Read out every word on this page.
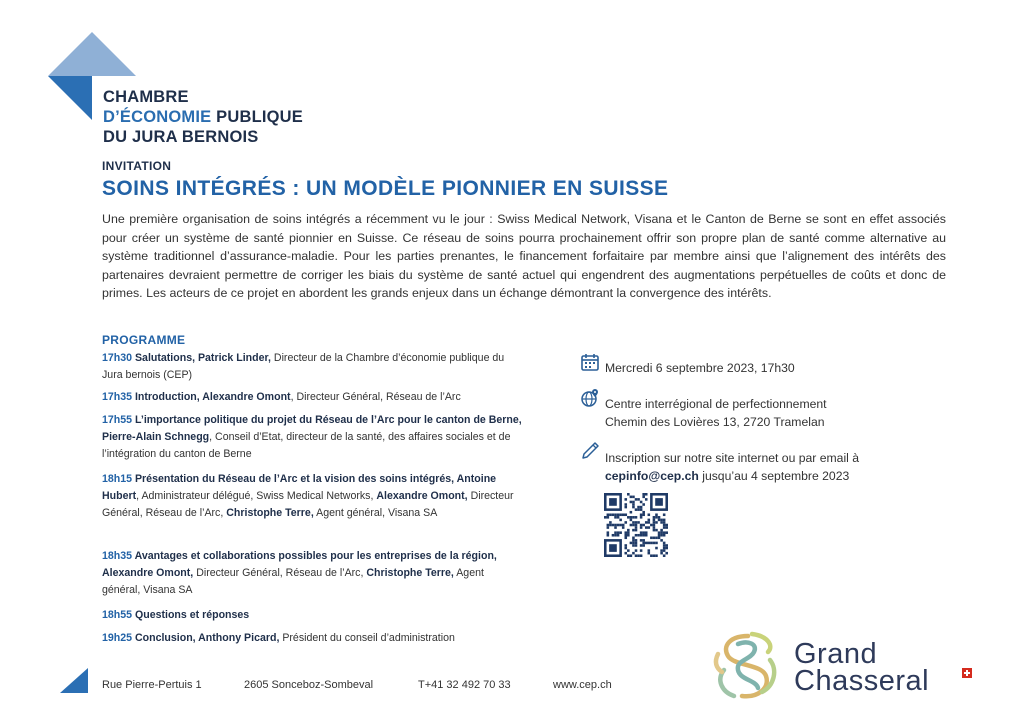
CHAMBRE
D’ÉCONOMIE PUBLIQUE
DU JURA BERNOIS
INVITATION
SOINS INTÉGRÉS : UN MODÈLE PIONNIER EN SUISSE
Une première organisation de soins intégrés a récemment vu le jour : Swiss Medical Network, Visana et le Canton de Berne se sont en effet associés pour créer un système de santé pionnier en Suisse. Ce réseau de soins pourra prochainement offrir son propre plan de santé comme alternative au système traditionnel d’assurance-maladie. Pour les parties prenantes, le financement forfaitaire par membre ainsi que l’alignement des intérêts des partenaires devraient permettre de corriger les biais du système de santé actuel qui engendrent des augmentations perpétuelles de coûts et donc de primes. Les acteurs de ce projet en abordent les grands enjeux dans un échange démontrant la convergence des intérêts.
PROGRAMME
17h30 Salutations, Patrick Linder, Directeur de la Chambre d’économie publique du Jura bernois (CEP)
17h35 Introduction, Alexandre Omont, Directeur Général, Réseau de l’Arc
17h55 L’importance politique du projet du Réseau de l’Arc pour le canton de Berne, Pierre-Alain Schnegg, Conseil d’Etat, directeur de la santé, des affaires sociales et de l’intégration du canton de Berne
18h15 Présentation du Réseau de l’Arc et la vision des soins intégrés, Antoine Hubert, Administrateur délégué, Swiss Medical Networks, Alexandre Omont, Directeur Général, Réseau de l’Arc, Christophe Terre, Agent général, Visana SA
18h35 Avantages et collaborations possibles pour les entreprises de la région, Alexandre Omont, Directeur Général, Réseau de l’Arc, Christophe Terre, Agent général, Visana SA
18h55 Questions et réponses
19h25 Conclusion, Anthony Picard, Président du conseil d’administration
Mercredi 6 septembre 2023, 17h30
Centre interrégional de perfectionnement
Chemin des Lovières 13, 2720 Tramelan
Inscription sur notre site internet ou par email à
cepinfo@cep.ch jusqu’au 4 septembre 2023
Rue Pierre-Pertuis 1	2605 Sonceboz-Sombeval	T+41 32 492 70 33	www.cep.ch
Grand
Chasseral
